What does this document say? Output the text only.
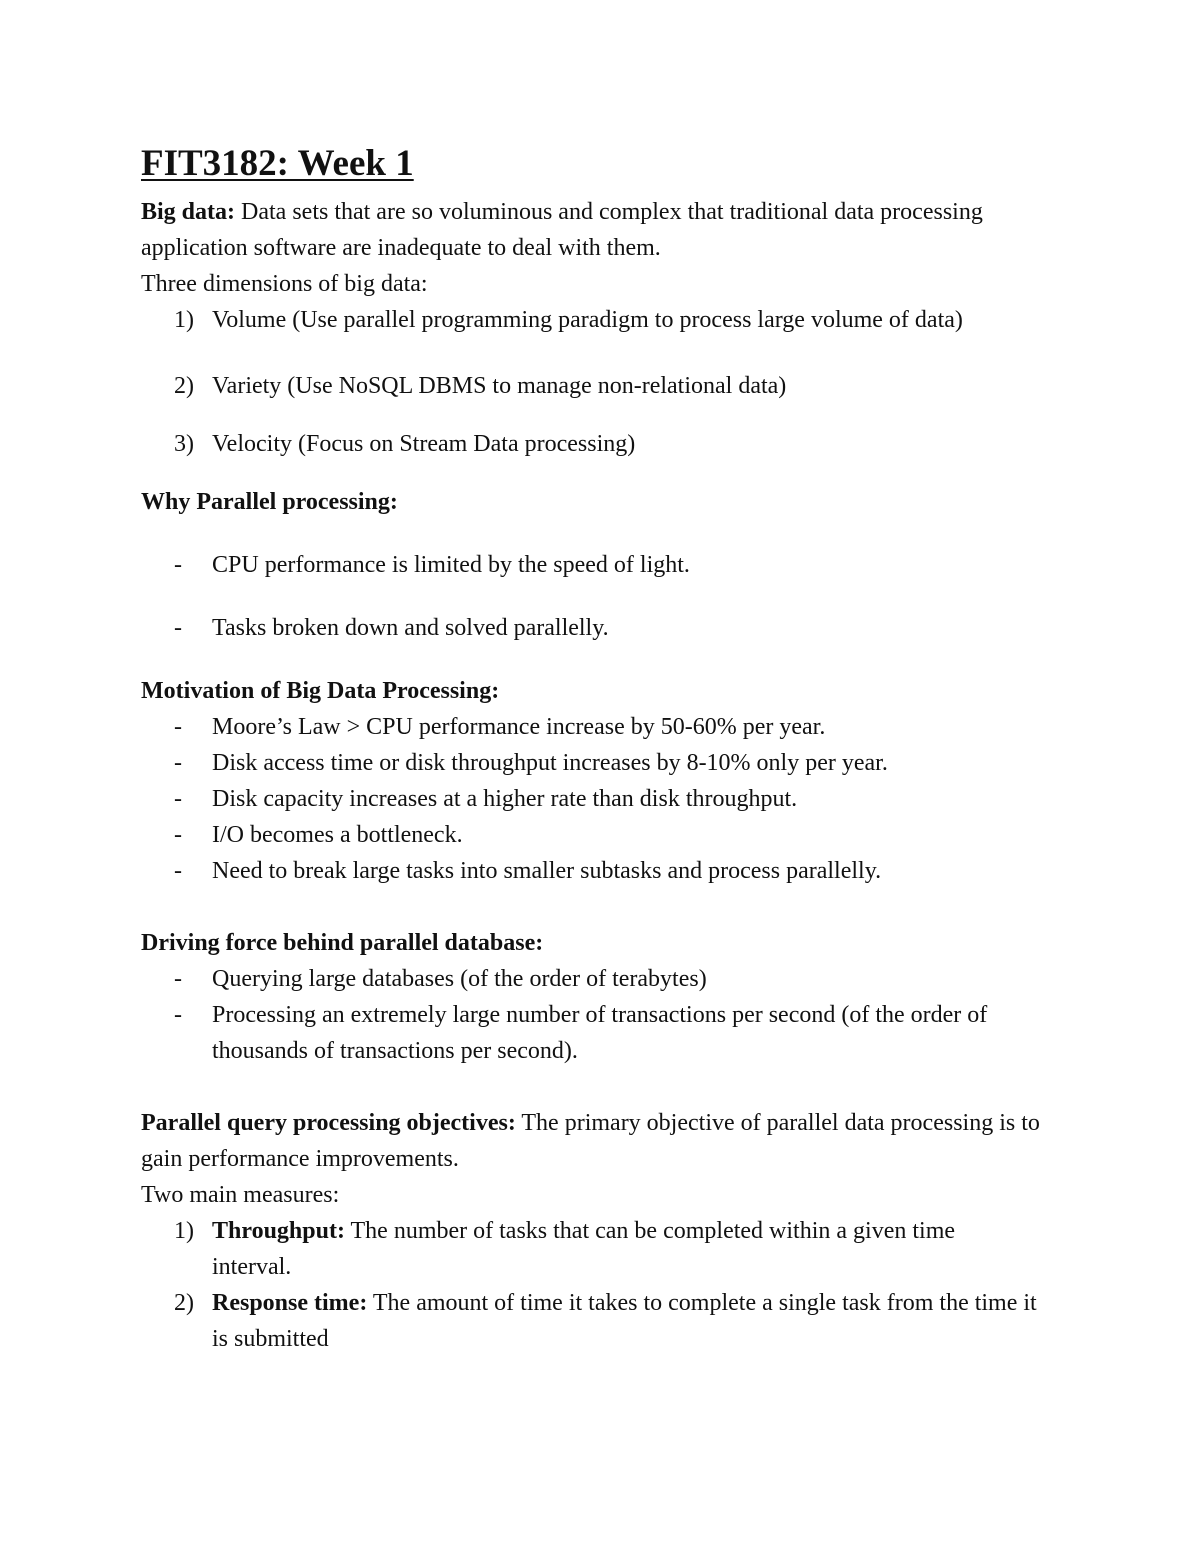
FIT3182: Week 1

Big data: Data sets that are so voluminous and complex that traditional data processing application software are inadequate to deal with them.

Three dimensions of big data:

1) Volume (Use parallel programming paradigm to process large volume of data)
2) Variety (Use NoSQL DBMS to manage non-relational data)
3) Velocity (Focus on Stream Data processing)

Why Parallel processing:

- CPU performance is limited by the speed of light.
- Tasks broken down and solved parallelly.

Motivation of Big Data Processing:

- Moore’s Law > CPU performance increase by 50-60% per year.
- Disk access time or disk throughput increases by 8-10% only per year.
- Disk capacity increases at a higher rate than disk throughput.
- I/O becomes a bottleneck.
- Need to break large tasks into smaller subtasks and process parallelly.

Driving force behind parallel database:

- Querying large databases (of the order of terabytes)
- Processing an extremely large number of transactions per second (of the order of thousands of transactions per second).

Parallel query processing objectives: The primary objective of parallel data processing is to gain performance improvements.

Two main measures:

1) Throughput: The number of tasks that can be completed within a given time interval.
2) Response time: The amount of time it takes to complete a single task from the time it is submitted
